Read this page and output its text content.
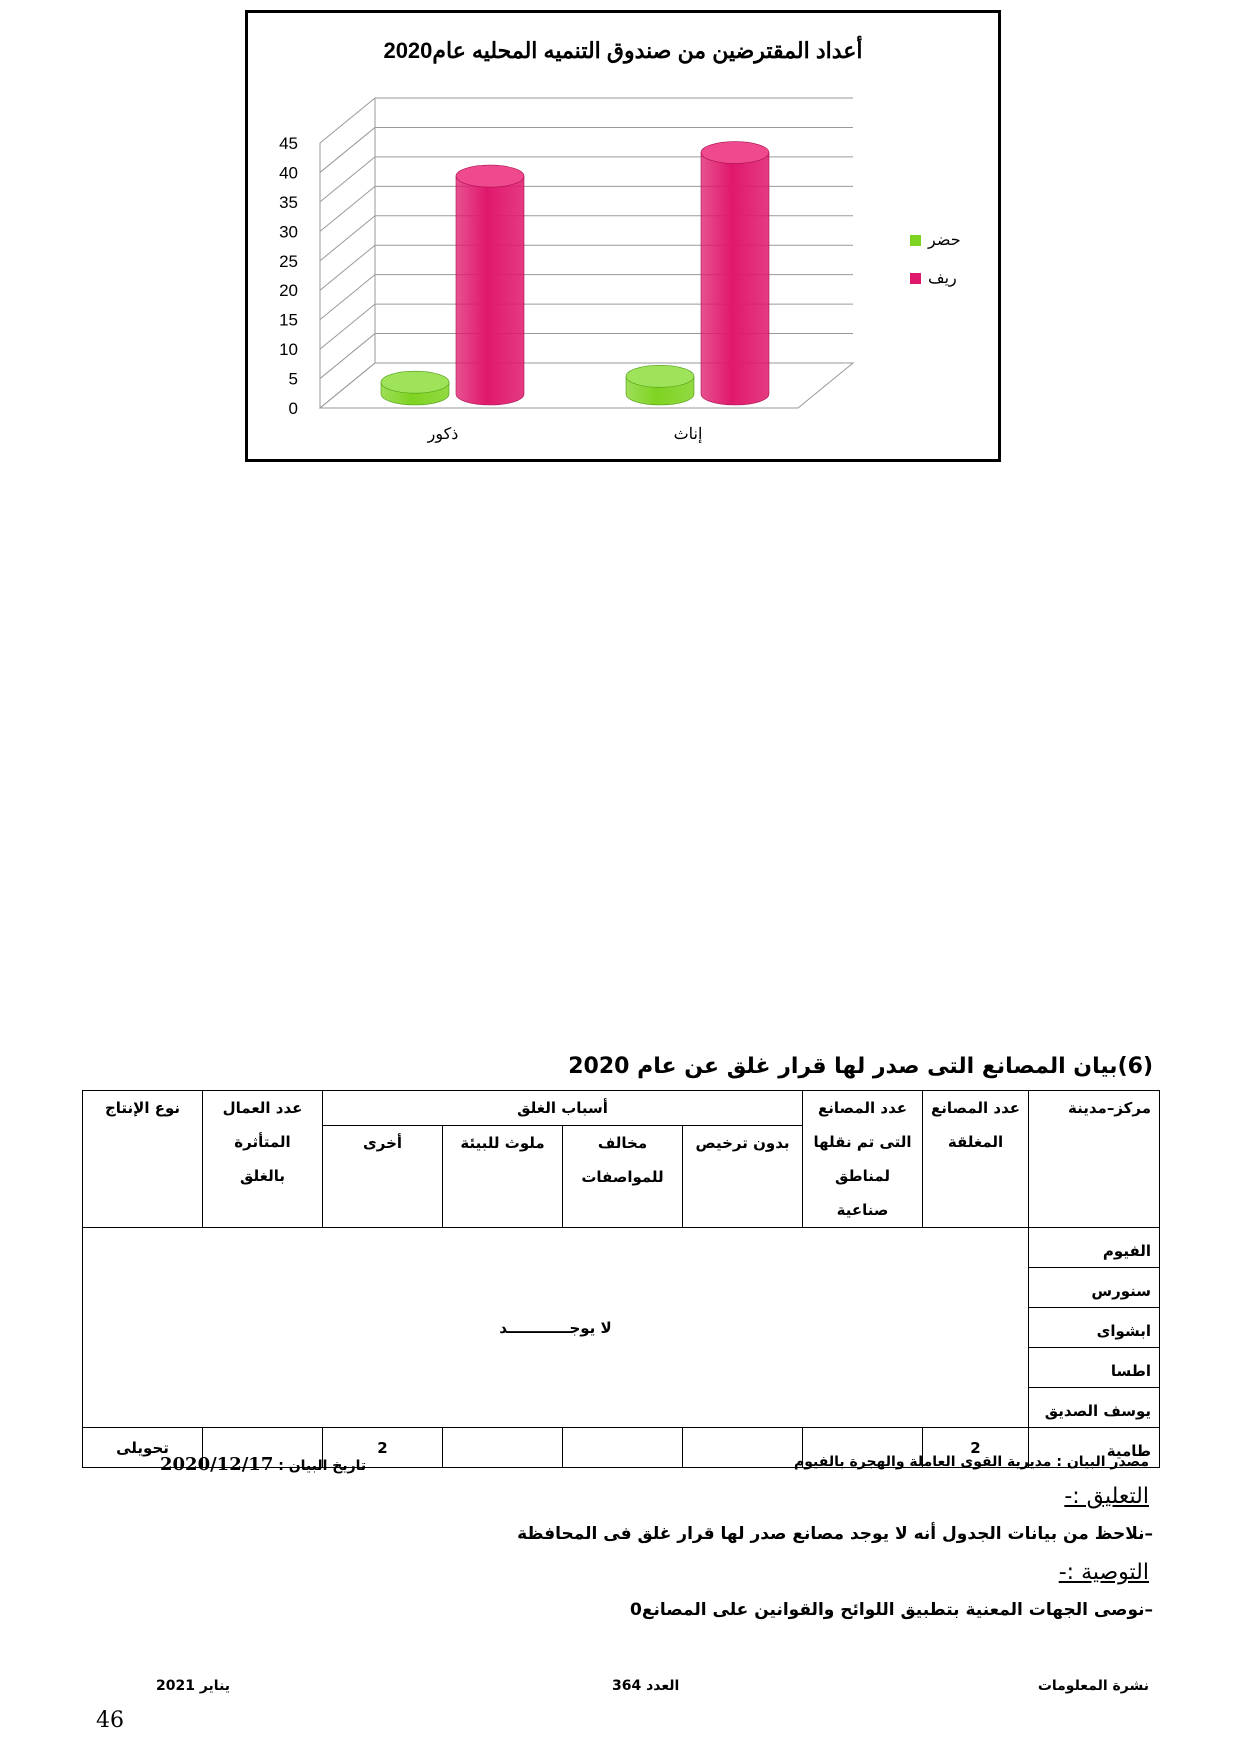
أعداد المقترضين من صندوق التنميه المحليه عام2020
0
5
10
15
20
25
30
35
40
45
ذكور	إناث
حضر
ريف
(6)بيان المصانع التى صدر لها قرار غلق عن عام 2020
مركز–مدينة	عدد المصانع المغلقة	عدد المصانع التى تم نقلها لمناطق صناعية	أسباب الغلق				عدد العمال المتأثرة بالغلق	نوع الإنتاج
			بدون ترخيص	مخالف للمواصفات	ملوث للبيئة	أخرى		
الفيوم	لا يوجــــــــــــد							
سنورس								
ابشواى								
اطسا								
يوسف الصديق								
طامية	2					2		تحويلى
مصدر البيان : مديرية القوى العاملة والهجرة بالفيوم
تاريخ البيان : 2020/12/17
التعليق :-
–نلاحظ من بيانات الجدول أنه لا يوجد مصانع صدر لها قرار غلق فى المحافظة
التوصية :-
–نوصى الجهات المعنية بتطبيق اللوائح والقوانين على المصانع0
نشرة المعلومات
العدد 364
يناير 2021
46
